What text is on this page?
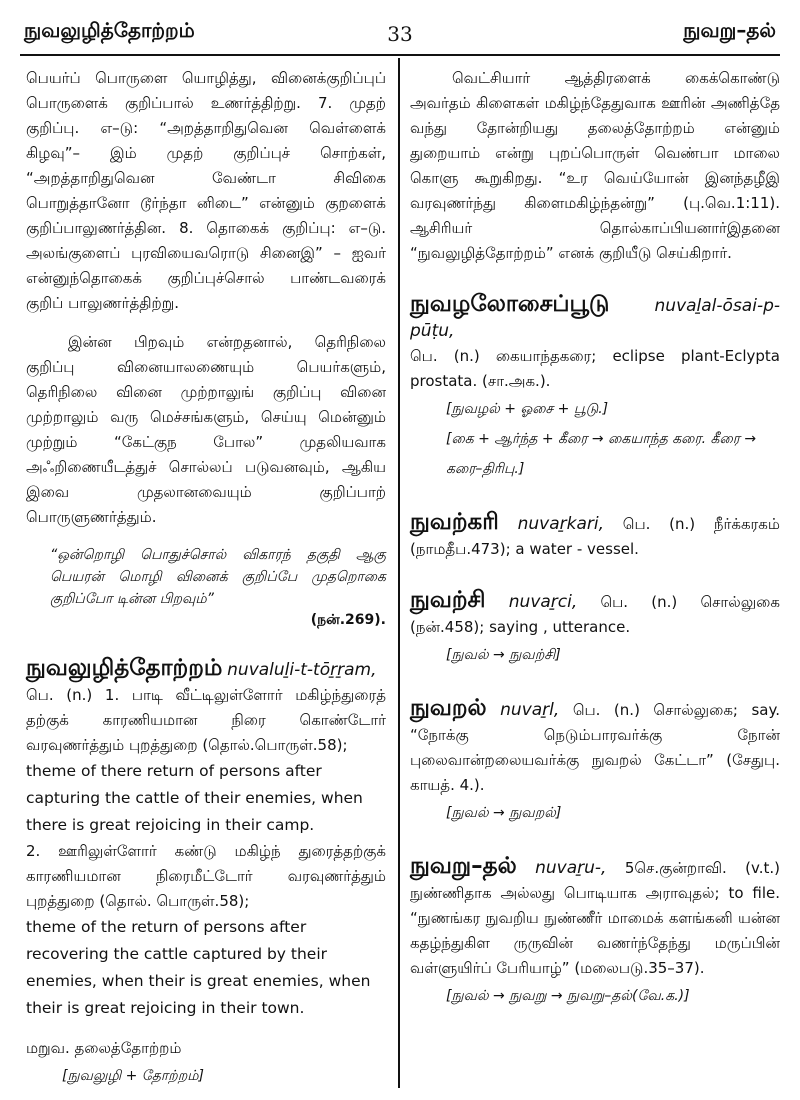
நுவலுழித்தோற்றம்	33	நுவறு–தல்

பெயர்ப் பொருளை யொழித்து, வினைக்குறிப்புப் பொருளைக் குறிப்பால் உணர்த்திற்று. 7. முதற் குறிப்பு. எ–டு: “அறத்தாறிதுவென வெள்ளைக் கிழவு”– இம் முதற் குறிப்புச் சொற்கள், “அறத்தாறிதுவென வேண்டா சிவிகை பொறுத்தானோ டூர்ந்தா னிடை” என்னும் குறளைக் குறிப்பாலுணர்த்தின. 8. தொகைக் குறிப்பு: எ–டு. அலங்குளைப் புரவியைவரொடு சினைஇ” – ஐவர் என்னுந்தொகைக் குறிப்புச்சொல் பாண்டவரைக் குறிப் பாலுணர்த்திற்று.

இன்ன பிறவும் என்றதனால், தெரிநிலை குறிப்பு வினையாலணையும் பெயர்களும், தெரிநிலை வினை முற்றாலுங் குறிப்பு வினை முற்றாலும் வரு மெச்சங்களும், செய்யு மென்னும் முற்றும் “கேட்குந போல” முதலியவாக அஃறிணையீடத்துச் சொல்லப் படுவனவும், ஆகிய இவை முதலானவையும் குறிப்பாற் பொருளுணர்த்தும்.

“ஒன்றொழி பொதுச்சொல் விகாரந் தகுதி ஆகு பெயரன் மொழி வினைக் குறிப்பே முதறொகை குறிப்போ டின்ன பிறவும்”

(நன்.269).

நுவலுழித்தோற்றம் nuvaluḻi-t-tōṟṟam,

பெ. (n.) 1. பாடி வீட்டிலுள்ளோர் மகிழ்ந்துரைத் தற்குக் காரணியமான நிரை கொண்டோர் வரவுணர்த்தும் புறத்துறை (தொல்.பொருள்.58);

theme of there return of persons after capturing the cattle of their enemies, when there is great rejoicing in their camp.

2. ஊரிலுள்ளோர் கண்டு மகிழ்ந் துரைத்தற்குக் காரணியமான நிரைமீட்டோர் வரவுணர்த்தும் புறத்துறை (தொல். பொருள்.58);

theme of the return of persons after recovering the cattle captured by their enemies, when their is great enemies, when their is great rejoicing in their town.

மறுவ. தலைத்தோற்றம்

[நுவலுழி + தோற்றம்]

வெட்சியார் ஆத்திரளைக் கைக்கொண்டு அவர்தம் கிளைகள் மகிழ்ந்தேதுவாக ஊரின் அணித்தே வந்து தோன்றியது தலைத்தோற்றம் என்னும் துறையாம் என்று புறப்பொருள் வெண்பா மாலை கொளு கூறுகிறது. “உர வெய்யோன் இனந்தழீஇ வரவுணர்ந்து கிளைமகிழ்ந்தன்று” (பு.வெ.1:11). ஆசிரியர் தொல்காப்பியனார்இதனை “நுவலுழித்தோற்றம்” எனக் குறியீடு செய்கிறார்.

நுவழலோசைப்பூடு	nuvaḻal-ōsai-p-pūṭu,

பெ. (n.) கையாந்தகரை; eclipse plant-Eclypta prostata. (சா.அக.).

[நுவழல் + ஓசை + பூடு.]

[கை + ஆர்ந்த + கீரை → கையாந்த கரை. கீரை → கரை–திரிபு.]

நுவற்கரி nuvaṟkari, பெ. (n.) நீர்க்கரகம் (நாமதீப.473); a water - vessel.

நுவற்சி nuvaṟci, பெ. (n.) சொல்லுகை (நன்.458); saying , utterance.

[நுவல் → நுவற்சி]

நுவறல் nuvaṟl, பெ. (n.) சொல்லுகை; say. “நோக்கு நெடும்பாரவர்க்கு நோன் புலைவான்றலையவர்க்கு நுவறல் கேட்டா” (சேதுபு. காயத். 4.).

[நுவல் → நுவறல்]

நுவறு–தல் nuvaṟu-, 5செ.குன்றாவி. (v.t.) நுண்ணிதாக அல்லது பொடியாக அராவுதல்; to file. “நுணங்கர நுவறிய நுண்ணீர் மாமைக் களங்கனி யன்ன கதழ்ந்துகிள ருருவின் வணர்ந்தேந்து மருப்பின் வள்ளுயிர்ப் பேரியாழ்” (மலைபடு.35–37).

[நுவல் → நுவறு → நுவறு–தல்(வே.க.)]
